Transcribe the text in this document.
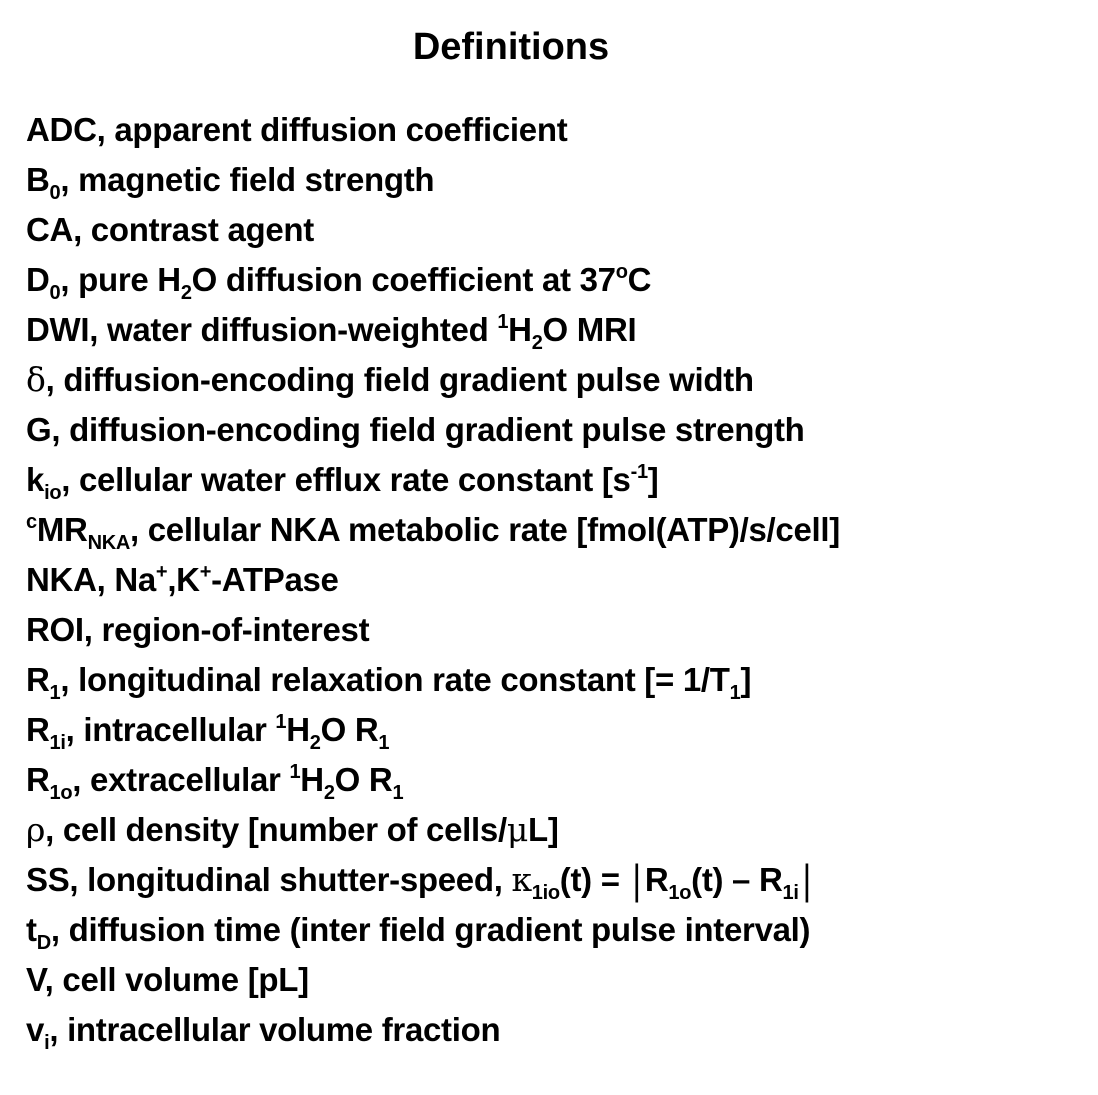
Definitions
ADC, apparent diffusion coefficient
$B_0$, magnetic field strength
CA, contrast agent
$D_0$, pure $H_2O$ diffusion coefficient at 37$^o$C
DWI, water diffusion-weighted $^1H_2O$ MRI
δ, diffusion-encoding field gradient pulse width
G, diffusion-encoding field gradient pulse strength
$k_{io}$, cellular water efflux rate constant $[s^{-1}]$
$^cMR_{NKA}$, cellular NKA metabolic rate [fmol(ATP)/s/cell]
NKA, Na+,K+-ATPase
ROI, region-of-interest
$R_1$, longitudinal relaxation rate constant [= $1/T_1$]
$R_{1i}$, intracellular $^1H_2O$ $R_1$
$R_{1o}$, extracellular $^1H_2O$ $R_1$
ρ, cell density [number of cells/μL]
SS, longitudinal shutter-speed, $\kappa_{1io}(t)$ = | $R_{1o}(t) - R_{1i}$ |
$t_D$, diffusion time (inter field gradient pulse interval)
V, cell volume [pL]
$v_i$, intracellular volume fraction
